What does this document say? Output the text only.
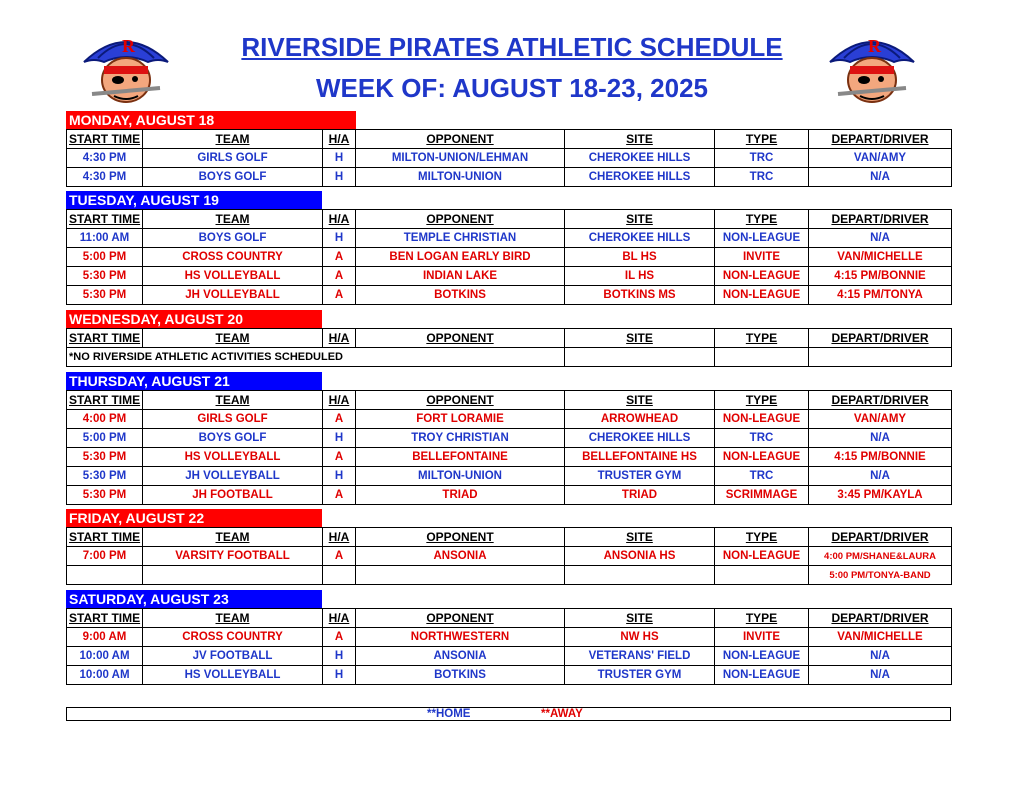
R	R
RIVERSIDE PIRATES ATHLETIC SCHEDULE
WEEK OF: AUGUST 18-23, 2025
MONDAY, AUGUST 18
START TIME	TEAM	H/A	OPPONENT	SITE	TYPE	DEPART/DRIVER
4:30 PM	GIRLS GOLF	H	MILTON-UNION/LEHMAN	CHEROKEE HILLS	TRC	VAN/AMY
4:30 PM	BOYS GOLF	H	MILTON-UNION	CHEROKEE HILLS	TRC	N/A
TUESDAY, AUGUST 19
START TIME	TEAM	H/A	OPPONENT	SITE	TYPE	DEPART/DRIVER
11:00 AM	BOYS GOLF	H	TEMPLE CHRISTIAN	CHEROKEE HILLS	NON-LEAGUE	N/A
5:00 PM	CROSS COUNTRY	A	BEN LOGAN EARLY BIRD	BL HS	INVITE	VAN/MICHELLE
5:30 PM	HS VOLLEYBALL	A	INDIAN LAKE	IL HS	NON-LEAGUE	4:15 PM/BONNIE
5:30 PM	JH VOLLEYBALL	A	BOTKINS	BOTKINS MS	NON-LEAGUE	4:15 PM/TONYA
WEDNESDAY, AUGUST 20
START TIME	TEAM	H/A	OPPONENT	SITE	TYPE	DEPART/DRIVER
*NO RIVERSIDE ATHLETIC ACTIVITIES SCHEDULED						
THURSDAY, AUGUST 21
START TIME	TEAM	H/A	OPPONENT	SITE	TYPE	DEPART/DRIVER
4:00 PM	GIRLS GOLF	A	FORT LORAMIE	ARROWHEAD	NON-LEAGUE	VAN/AMY
5:00 PM	BOYS GOLF	H	TROY CHRISTIAN	CHEROKEE HILLS	TRC	N/A
5:30 PM	HS VOLLEYBALL	A	BELLEFONTAINE	BELLEFONTAINE HS	NON-LEAGUE	4:15 PM/BONNIE
5:30 PM	JH VOLLEYBALL	H	MILTON-UNION	TRUSTER GYM	TRC	N/A
5:30 PM	JH FOOTBALL	A	TRIAD	TRIAD	SCRIMMAGE	3:45 PM/KAYLA
FRIDAY, AUGUST 22
START TIME	TEAM	H/A	OPPONENT	SITE	TYPE	DEPART/DRIVER
7:00 PM	VARSITY FOOTBALL	A	ANSONIA	ANSONIA HS	NON-LEAGUE	4:00 PM/SHANE&LAURA
						5:00 PM/TONYA-BAND
SATURDAY, AUGUST 23
START TIME	TEAM	H/A	OPPONENT	SITE	TYPE	DEPART/DRIVER
9:00 AM	CROSS COUNTRY	A	NORTHWESTERN	NW HS	INVITE	VAN/MICHELLE
10:00 AM	JV FOOTBALL	H	ANSONIA	VETERANS' FIELD	NON-LEAGUE	N/A
10:00 AM	HS VOLLEYBALL	H	BOTKINS	TRUSTER GYM	NON-LEAGUE	N/A
**HOME	**AWAY
